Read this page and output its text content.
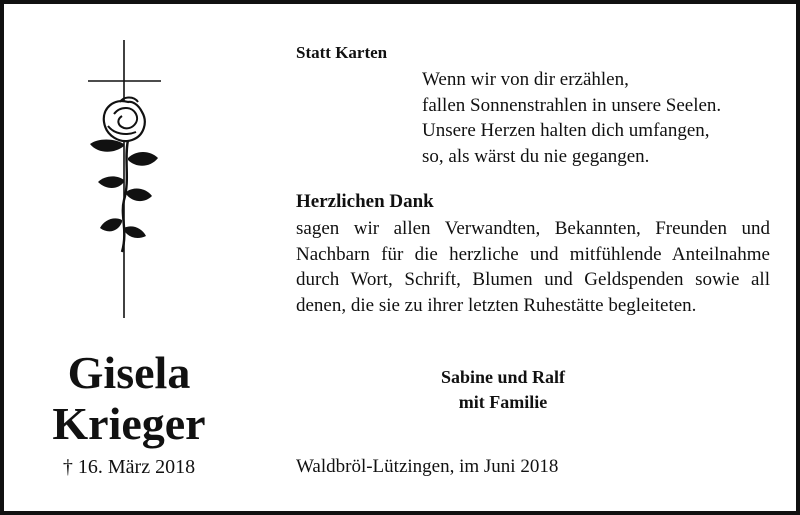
Gisela
Krieger
† 16. März 2018
Statt Karten
Wenn wir von dir erzählen,
fallen Sonnenstrahlen in unsere Seelen.
Unsere Herzen halten dich umfangen,
so, als wärst du nie gegangen.
Herzlichen Dank
sagen wir allen Verwandten, Bekannten, Freunden und Nachbarn für die herzliche und mitfühlende Anteilnahme durch Wort, Schrift, Blumen und Geldspenden sowie all denen, die sie zu ihrer letzten Ruhestätte begleiteten.
Sabine und Ralf
mit Familie
Waldbröl-Lützingen, im Juni 2018
